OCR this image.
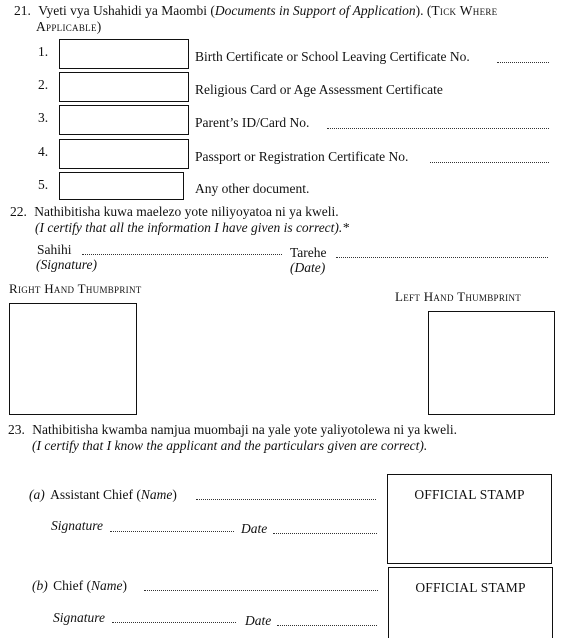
21. Vyeti vya Ushahidi ya Maombi (Documents in Support of Application). (Tick Where
Applicable)
1.	Birth Certificate or School Leaving Certificate No.
2.	Religious Card or Age Assessment Certificate
3.	Parent’s ID/Card No.
4.	Passport or Registration Certificate No.
5.	Any other document.
22. Nathibitisha kuwa maelezo yote niliyoyatoa ni ya kweli.
(I certify that all the information I have given is correct).*
Sahihi
(Signature)
Tarehe
(Date)
Right Hand Thumbprint
Left Hand Thumbprint
23. Nathibitisha kwamba namjua muombaji na yale yote yaliyotolewa ni ya kweli.
(I certify that I know the applicant and the particulars given are correct).
(a) Assistant Chief (Name)
Signature	Date
OFFICIAL STAMP
(b) Chief (Name)
Signature	Date
OFFICIAL STAMP
